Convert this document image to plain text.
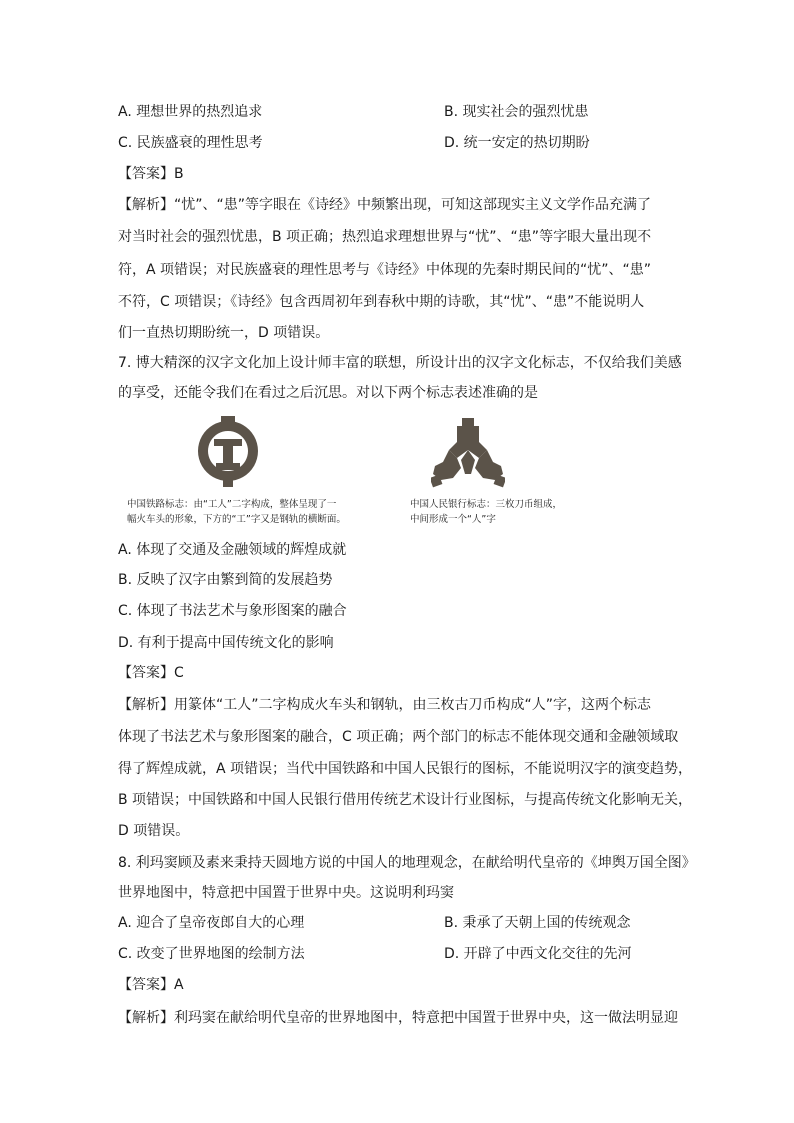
A. 理想世界的热烈追求	B. 现实社会的强烈忧患
C. 民族盛衰的理性思考	D. 统一安定的热切期盼
【答案】B
【解析】“忧”、“患”等字眼在《诗经》中频繁出现，可知这部现实主义文学作品充满了
对当时社会的强烈忧患，B 项正确；热烈追求理想世界与“忧”、“患”等字眼大量出现不
符，A 项错误；对民族盛衰的理性思考与《诗经》中体现的先秦时期民间的“忧”、“患”
不符，C 项错误；《诗经》包含西周初年到春秋中期的诗歌，其“忧”、“患”不能说明人
们一直热切期盼统一，D 项错误。
7. 博大精深的汉字文化加上设计师丰富的联想，所设计出的汉字文化标志，不仅给我们美感
的享受，还能令我们在看过之后沉思。对以下两个标志表述准确的是
中国铁路标志：由“工人”二字构成，整体呈现了一
幅火车头的形象，下方的“工”字又是钢轨的横断面。
中国人民银行标志：三枚刀币组成，
中间形成一个“人”字
A. 体现了交通及金融领域的辉煌成就
B. 反映了汉字由繁到简的发展趋势
C. 体现了书法艺术与象形图案的融合
D. 有利于提高中国传统文化的影响
【答案】C
【解析】用篆体“工人”二字构成火车头和钢轨，由三枚古刀币构成“人”字，这两个标志
体现了书法艺术与象形图案的融合，C 项正确；两个部门的标志不能体现交通和金融领域取
得了辉煌成就，A 项错误；当代中国铁路和中国人民银行的图标，不能说明汉字的演变趋势，
B 项错误；中国铁路和中国人民银行借用传统艺术设计行业图标，与提高传统文化影响无关，
D 项错误。
8. 利玛窦顾及素来秉持天圆地方说的中国人的地理观念，在献给明代皇帝的《坤舆万国全图》
世界地图中，特意把中国置于世界中央。这说明利玛窦
A. 迎合了皇帝夜郎自大的心理	B. 秉承了天朝上国的传统观念
C. 改变了世界地图的绘制方法	D. 开辟了中西文化交往的先河
【答案】A
【解析】利玛窦在献给明代皇帝的世界地图中，特意把中国置于世界中央，这一做法明显迎
